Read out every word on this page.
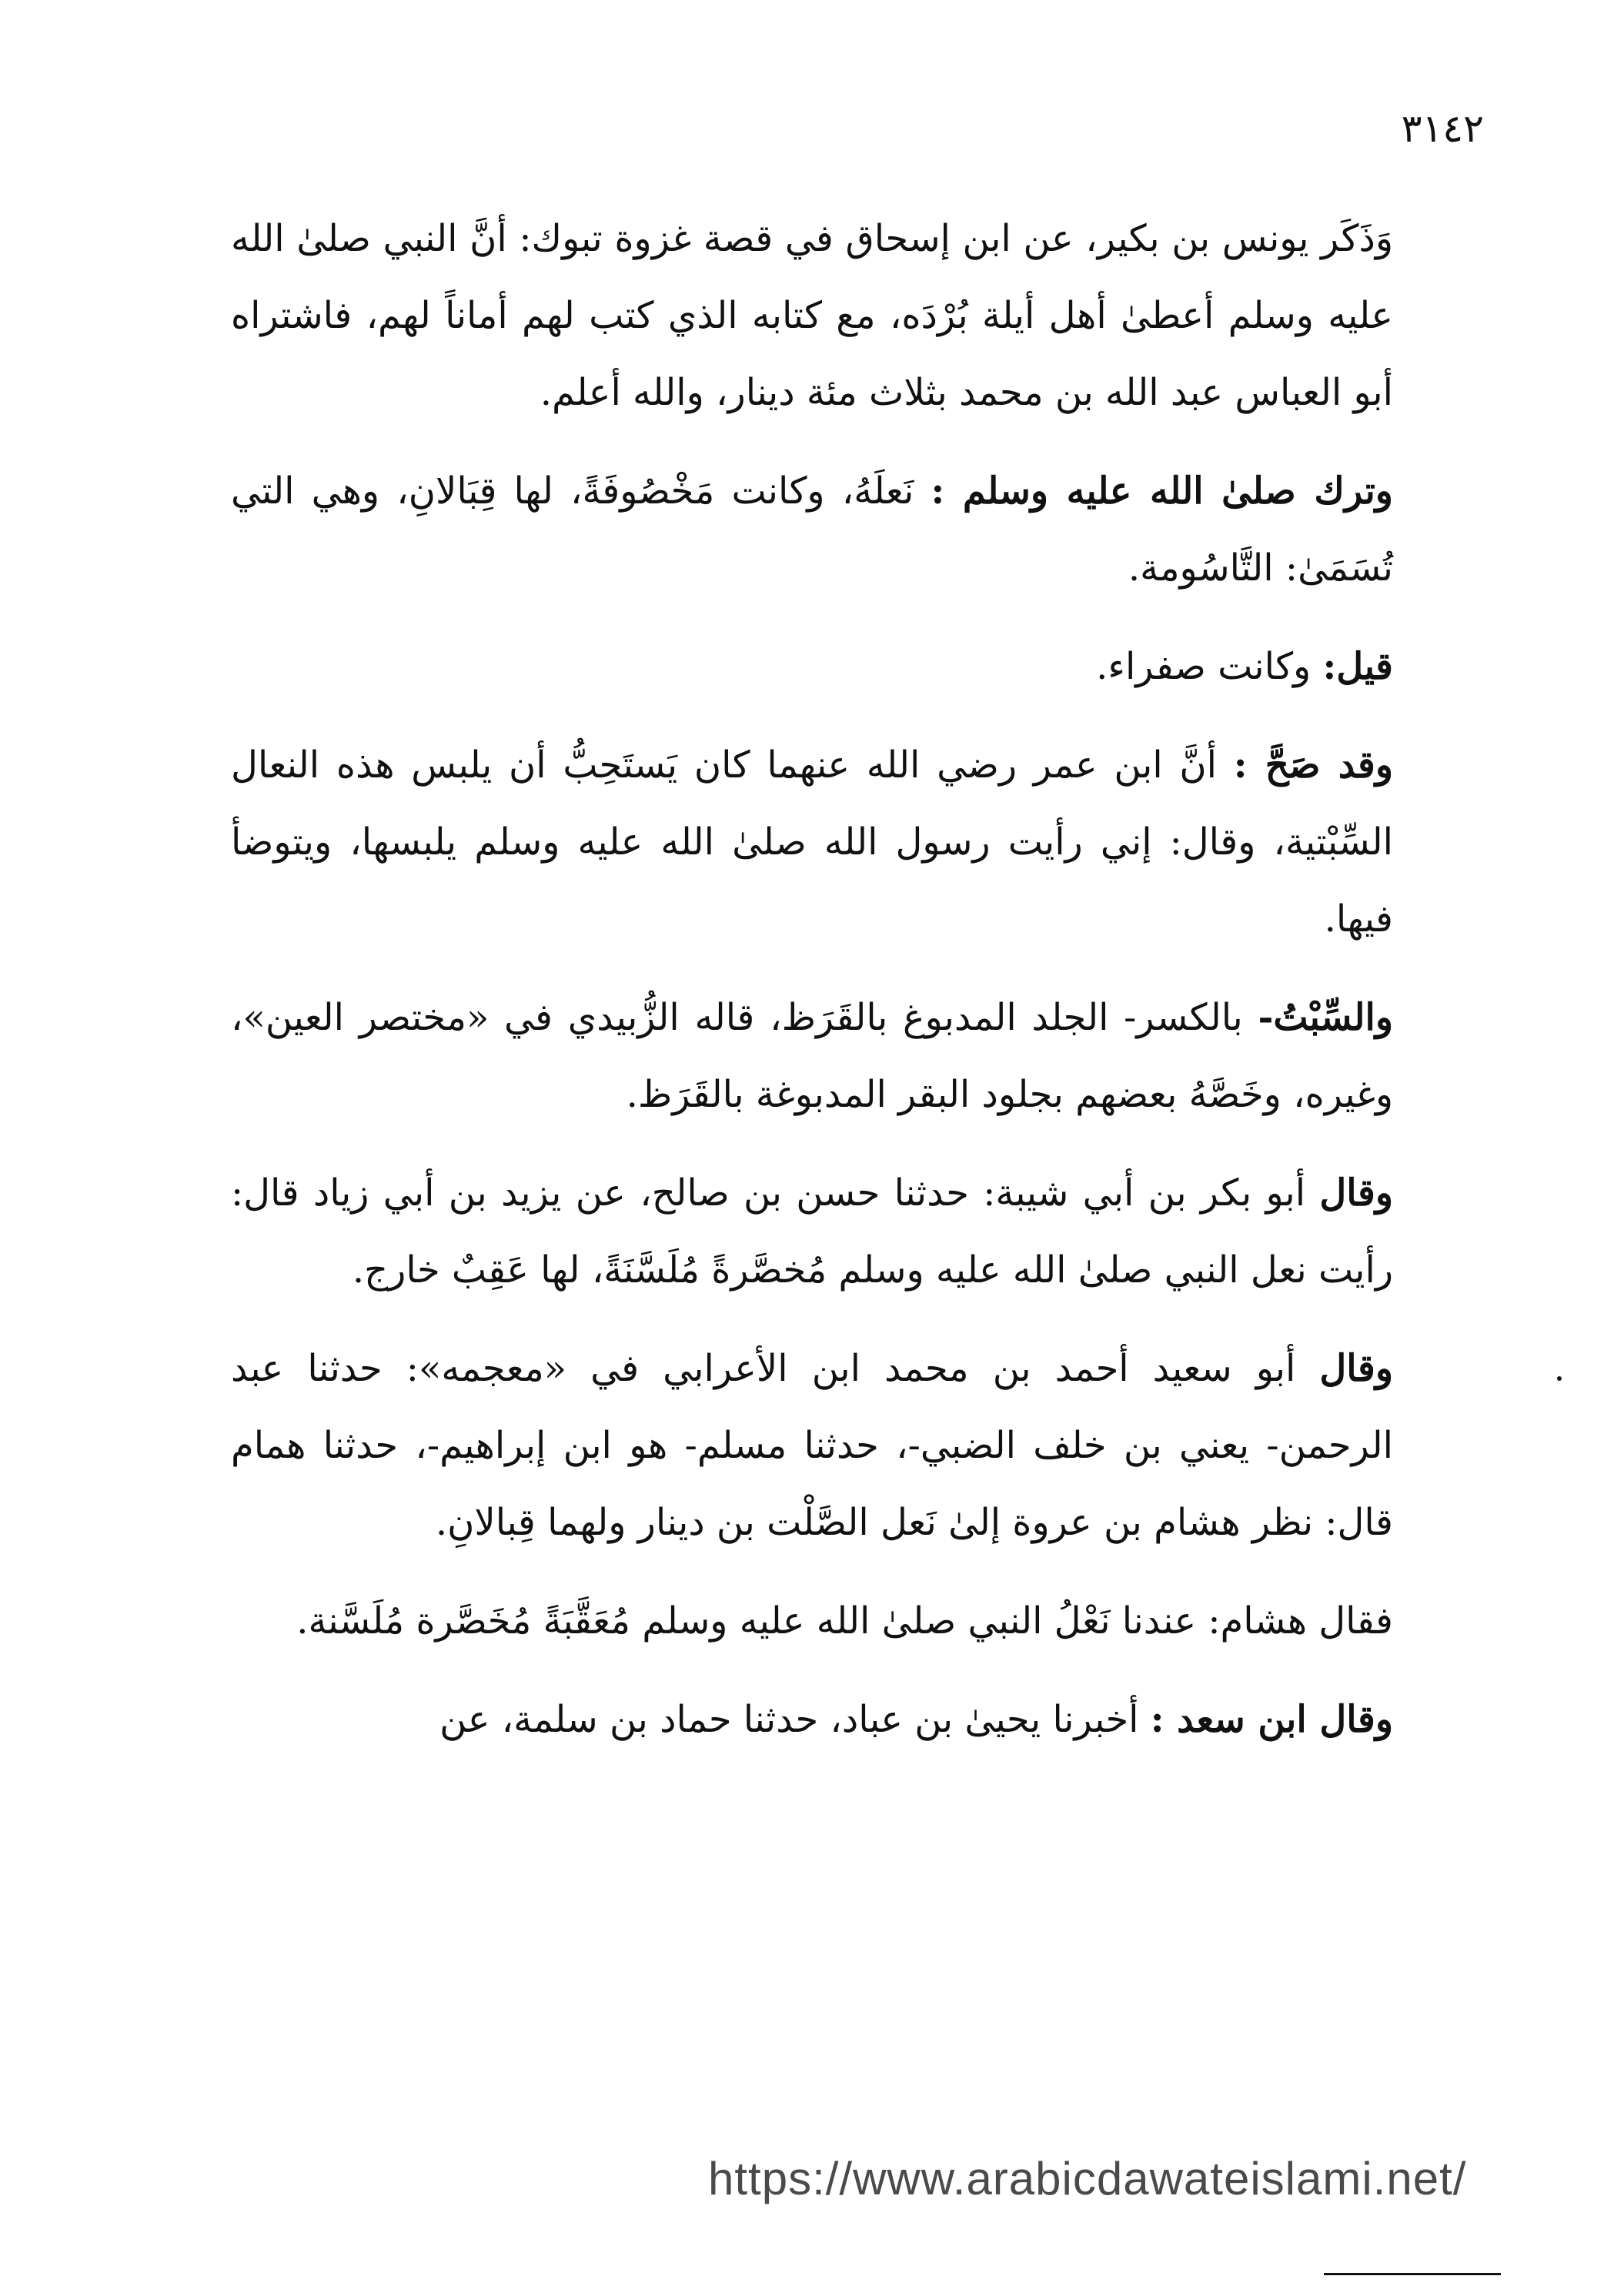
٣١٤٢

وَذَكَر يونس بن بكير، عن ابن إسحاق في قصة غزوة تبوك: أنَّ النبي صلىٰ الله عليه وسلم أعطىٰ أهل أيلة بُرْدَه، مع كتابه الذي كتب لهم أماناً لهم، فاشتراه أبو العباس عبد الله بن محمد بثلاث مئة دينار، والله أعلم.

وترك صلىٰ الله عليه وسلم : نَعلَهُ، وكانت مَخْصُوفَةً، لها قِبَالانِ، وهي التي تُسَمَىٰ: التَّاسُومة.

قيل: وكانت صفراء.

وقد صَحَّ : أنَّ ابن عمر رضي الله عنهما كان يَستَحِبُّ أن يلبس هذه النعال السِّبْتية، وقال: إني رأيت رسول الله صلىٰ الله عليه وسلم يلبسها، ويتوضأ فيها.

والسِّبْتُ- بالكسر- الجلد المدبوغ بالقَرَظ، قاله الزُّبيدي في «مختصر العين»، وغيره، وخَصَّهُ بعضهم بجلود البقر المدبوغة بالقَرَظ.

وقال أبو بكر بن أبي شيبة: حدثنا حسن بن صالح، عن يزيد بن أبي زياد قال: رأيت نعل النبي صلىٰ الله عليه وسلم مُخصَّرةً مُلَسَّنَةً، لها عَقِبٌ خارج.

وقال أبو سعيد أحمد بن محمد ابن الأعرابي في «معجمه»: حدثنا عبد الرحمن- يعني بن خلف الضبي-، حدثنا مسلم- هو ابن إبراهيم-، حدثنا همام قال: نظر هشام بن عروة إلىٰ نَعل الصَّلْت بن دينار ولهما قِبالانِ.

فقال هشام: عندنا نَعْلُ النبي صلىٰ الله عليه وسلم مُعَقَّبَةً مُخَصَّرة مُلَسَّنة.

وقال ابن سعد : أخبرنا يحيىٰ بن عباد، حدثنا حماد بن سلمة، عن

https://www.arabicdawateislami.net/
